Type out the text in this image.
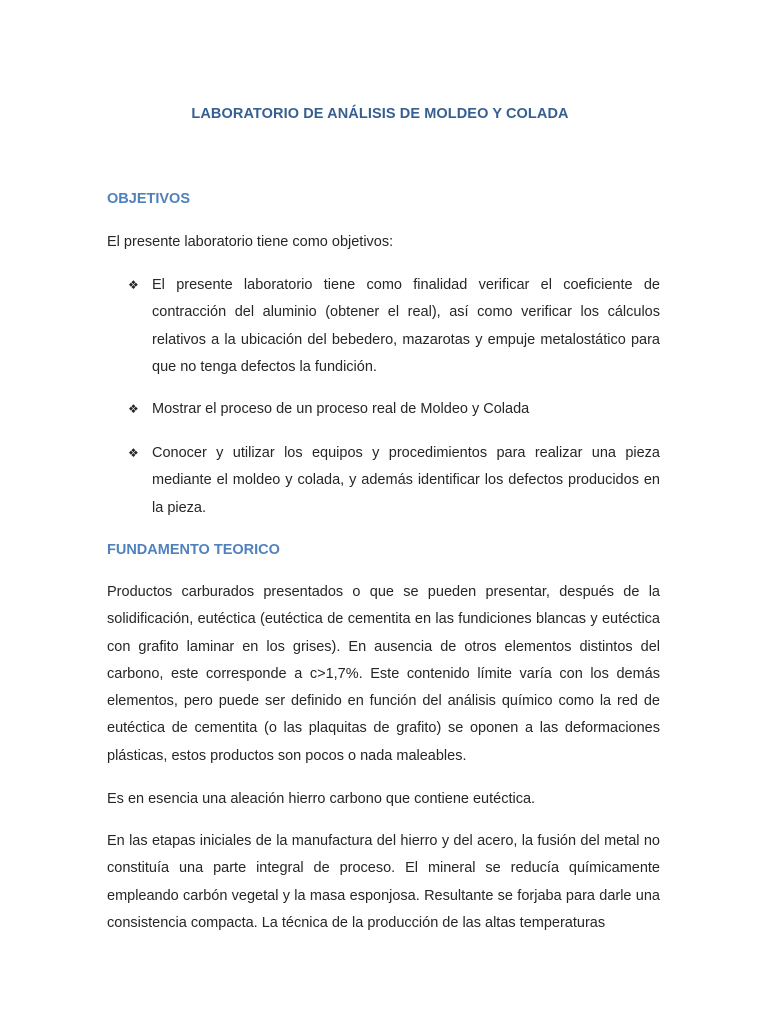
LABORATORIO DE ANÁLISIS DE MOLDEO Y COLADA
OBJETIVOS

El presente laboratorio tiene como objetivos:

❖ El presente laboratorio tiene como finalidad verificar el coeficiente de contracción del aluminio (obtener el real), así como verificar los cálculos relativos a la ubicación del bebedero, mazarotas y empuje metalostático para que no tenga defectos la fundición.

❖ Mostrar el proceso de un proceso real de Moldeo y Colada

❖ Conocer y utilizar los equipos y procedimientos para realizar una pieza mediante el moldeo y colada, y además identificar los defectos producidos en la pieza.

FUNDAMENTO TEORICO

Productos carburados presentados o que se pueden presentar, después de la solidificación, eutéctica (eutéctica de cementita en las fundiciones blancas y eutéctica con grafito laminar en los grises). En ausencia de otros elementos distintos del carbono, este corresponde a c>1,7%. Este contenido límite varía con los demás elementos, pero puede ser definido en función del análisis químico como la red de eutéctica de cementita (o las plaquitas de grafito) se oponen a las deformaciones plásticas, estos productos son pocos o nada maleables.

Es en esencia una aleación hierro carbono que contiene eutéctica.

En las etapas iniciales de la manufactura del hierro y del acero, la fusión del metal no constituía una parte integral de proceso. El mineral se reducía químicamente empleando carbón vegetal y la masa esponjosa. Resultante se forjaba para darle una consistencia compacta. La técnica de la producción de las altas temperaturas
